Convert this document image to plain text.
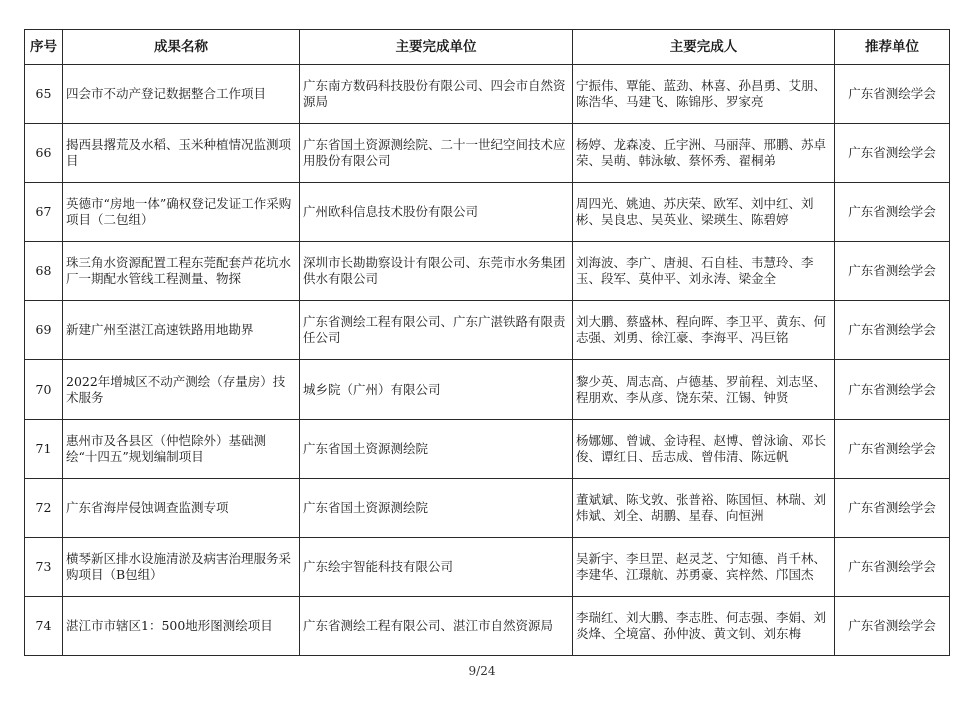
序号	成果名称	主要完成单位	主要完成人	推荐单位
65	四会市不动产登记数据整合工作项目	广东南方数码科技股份有限公司、四会市自然资源局	宁振伟、覃能、蓝劲、林喜、孙昌勇、艾朋、陈浩华、马建飞、陈锦彤、罗家亮	广东省测绘学会
66	揭西县撂荒及水稻、玉米种植情况监测项目	广东省国土资源测绘院、二十一世纪空间技术应用股份有限公司	杨婷、龙森凌、丘宇洲、马丽萍、邢鹏、苏卓荣、吴萌、韩泳敏、蔡怀秀、翟桐弟	广东省测绘学会
67	英德市“房地一体”确权登记发证工作采购项目（二包组）	广州欧科信息技术股份有限公司	周四光、姚迪、苏庆荣、欧军、刘中红、刘彬、吴良忠、吴英业、梁瑛生、陈碧婷	广东省测绘学会
68	珠三角水资源配置工程东莞配套芦花坑水厂一期配水管线工程测量、物探	深圳市长勘勘察设计有限公司、东莞市水务集团供水有限公司	刘海波、李广、唐昶、石自桂、韦慧玲、李玉、段军、莫仲平、刘永涛、梁金全	广东省测绘学会
69	新建广州至湛江高速铁路用地勘界	广东省测绘工程有限公司、广东广湛铁路有限责任公司	刘大鹏、蔡盛林、程向晖、李卫平、黄东、何志强、刘勇、徐江豪、李海平、冯巨铭	广东省测绘学会
70	2022年增城区不动产测绘（存量房）技术服务	城乡院（广州）有限公司	黎少英、周志高、卢德基、罗前程、刘志坚、程朋欢、李从彦、饶东荣、江锡、钟贤	广东省测绘学会
71	惠州市及各县区（仲恺除外）基础测绘“十四五”规划编制项目	广东省国土资源测绘院	杨娜娜、曾诚、金诗程、赵博、曾泳谕、邓长俊、谭红日、岳志成、曾伟清、陈远帆	广东省测绘学会
72	广东省海岸侵蚀调查监测专项	广东省国土资源测绘院	董斌斌、陈戈敦、张普裕、陈国恒、林瑞、刘炜斌、刘全、胡鹏、星春、向恒洲	广东省测绘学会
73	横琴新区排水设施清淤及病害治理服务采购项目（B包组）	广东绘宇智能科技有限公司	吴新宇、李旦罡、赵灵芝、宁知德、肖千林、李建华、江璟航、苏勇豪、宾梓然、邝国杰	广东省测绘学会
74	湛江市市辖区1：500地形图测绘项目	广东省测绘工程有限公司、湛江市自然资源局	李瑞红、刘大鹏、李志胜、何志强、李娟、刘炎烽、仝境富、孙仲波、黄文钊、刘东梅	广东省测绘学会
9/24
